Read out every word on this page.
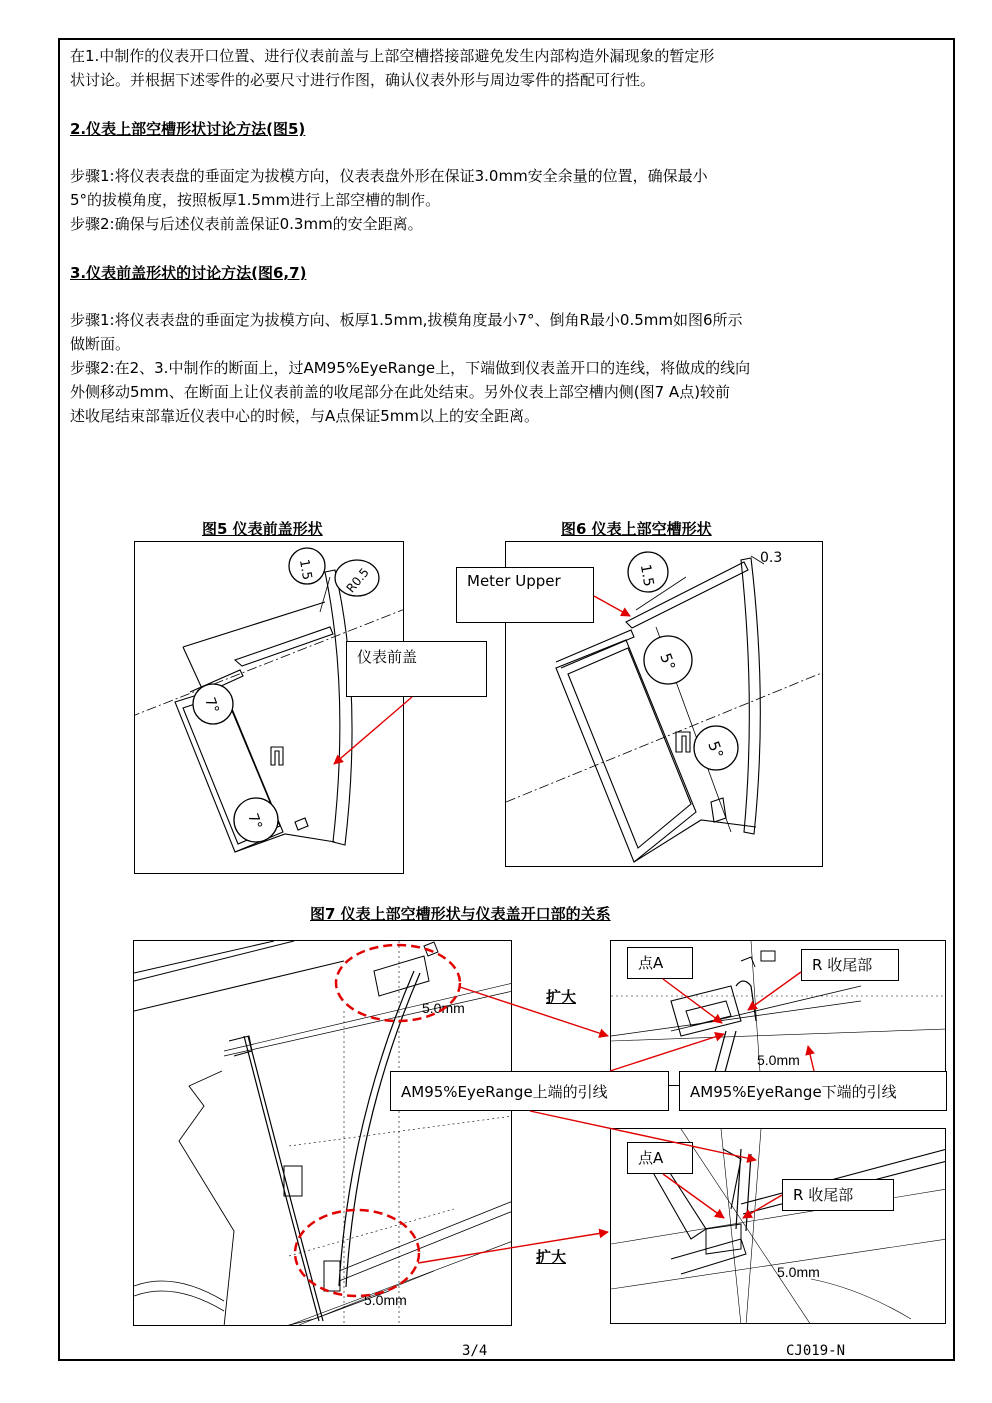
在1.中制作的仪表开口位置、进行仪表前盖与上部空槽搭接部避免发生内部构造外漏现象的暂定形

状讨论。并根据下述零件的必要尺寸进行作图，确认仪表外形与周边零件的搭配可行性。

2.仪表上部空槽形状讨论方法(图5)

步骤1:将仪表表盘的垂面定为拔模方向，仪表表盘外形在保证3.0mm安全余量的位置，确保最小

5°的拔模角度，按照板厚1.5mm进行上部空槽的制作。

步骤2:确保与后述仪表前盖保证0.3mm的安全距离。

3.仪表前盖形状的讨论方法(图6,7)

步骤1:将仪表表盘的垂面定为拔模方向、板厚1.5mm,拔模角度最小7°、倒角R最小0.5mm如图6所示

做断面。

步骤2:在2、3.中制作的断面上，过AM95%EyeRange上，下端做到仪表盖开口的连线，将做成的线向

外侧移动5mm、在断面上让仪表前盖的收尾部分在此处结束。另外仪表上部空槽内侧(图7 A点)较前

述收尾结束部靠近仪表中心的时候，与A点保证5mm以上的安全距离。

图5 仪表前盖形状
1.5 R0.5
7°
7°
仪表前盖
图6 仪表上部空槽形状
1.5
0.3
5°
5°
Meter Upper
图7 仪表上部空槽形状与仪表盖开口部的关系
5.0mm
5.0mm
5.0mm
点A	R 收尾部
AM95%EyeRange上端的引线	AM95%EyeRange下端的引线
5.0mm
点A
R 收尾部
扩大
扩大
3/4	CJ019-N
